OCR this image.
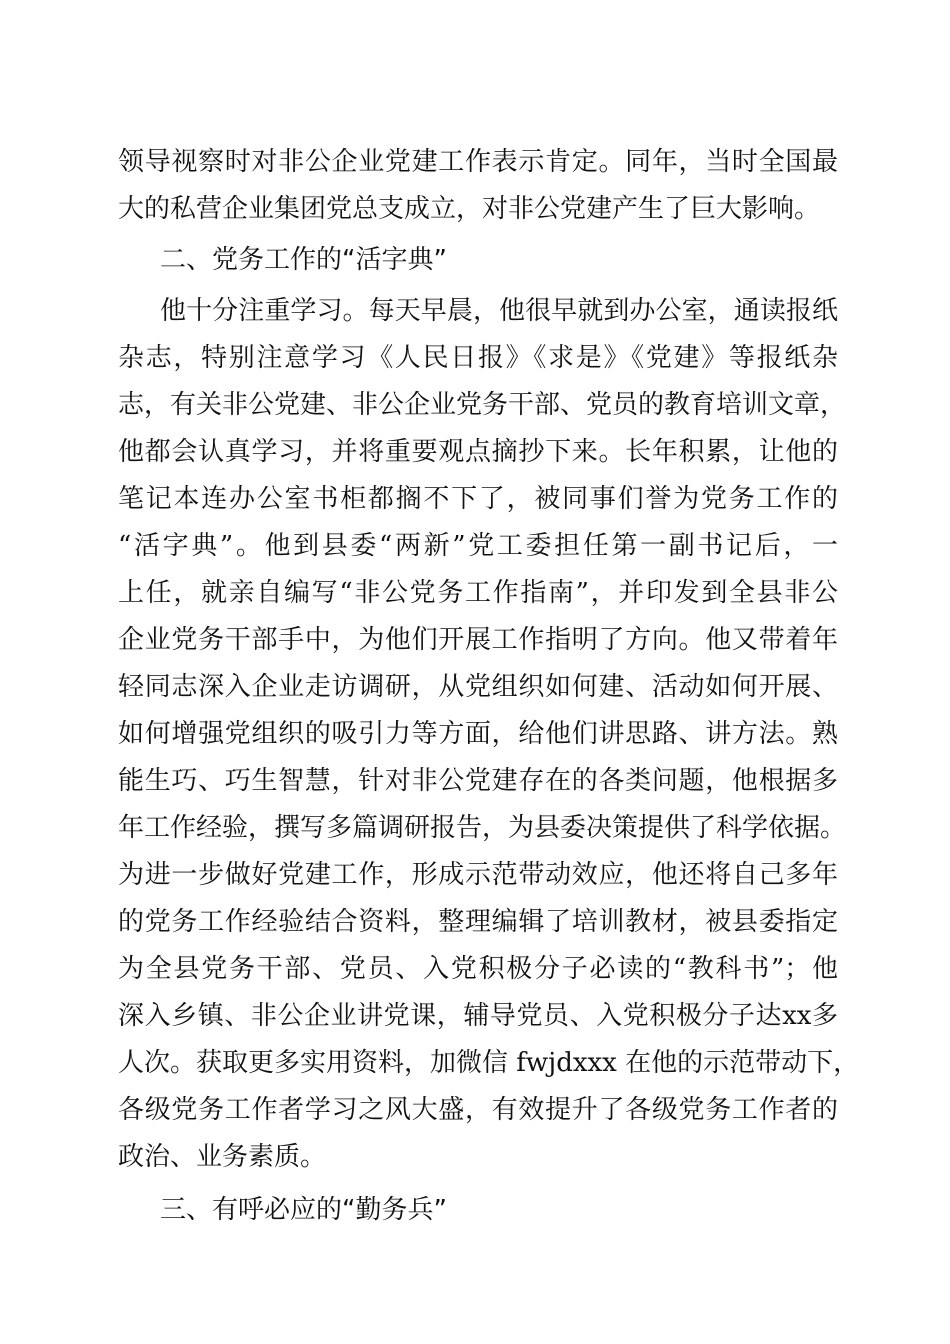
领导视察时对非公企业党建工作表示肯定。同年，当时全国最
大的私营企业集团党总支成立，对非公党建产生了巨大影响。
二、党务工作的“活字典”
他十分注重学习。每天早晨，他很早就到办公室，通读报纸
杂志，特别注意学习《人民日报》《求是》《党建》等报纸杂
志，有关非公党建、非公企业党务干部、党员的教育培训文章，
他都会认真学习，并将重要观点摘抄下来。长年积累，让他的
笔记本连办公室书柜都搁不下了，被同事们誉为党务工作的
“活字典”。他到县委“两新”党工委担任第一副书记后，一
上任，就亲自编写“非公党务工作指南”，并印发到全县非公
企业党务干部手中，为他们开展工作指明了方向。他又带着年
轻同志深入企业走访调研，从党组织如何建、活动如何开展、
如何增强党组织的吸引力等方面，给他们讲思路、讲方法。熟
能生巧、巧生智慧，针对非公党建存在的各类问题，他根据多
年工作经验，撰写多篇调研报告，为县委决策提供了科学依据。
为进一步做好党建工作，形成示范带动效应，他还将自己多年
的党务工作经验结合资料，整理编辑了培训教材，被县委指定
为全县党务干部、党员、入党积极分子必读的“教科书”；他
深入乡镇、非公企业讲党课，辅导党员、入党积极分子达xx多
人次。获取更多实用资料，加微信 fwjdxxx 在他的示范带动下，
各级党务工作者学习之风大盛，有效提升了各级党务工作者的
政治、业务素质。
三、有呼必应的“勤务兵”
